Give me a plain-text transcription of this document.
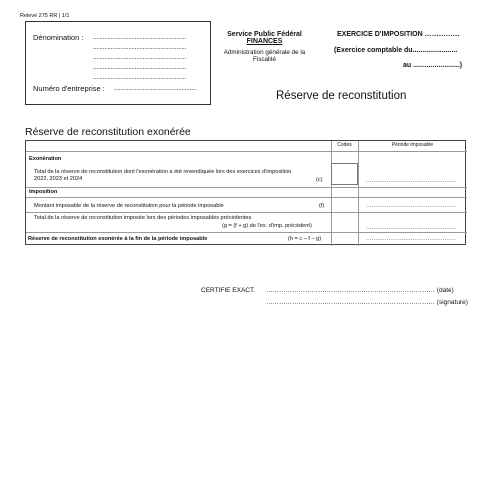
Relevé 275 RR | 1/1
Dénomination : ..........................................................
..........................................................
..........................................................
..........................................................
..........................................................
Numéro d'entreprise : ...................................................
Service Public Fédéral
FINANCES
Administration générale de la Fiscalité
EXERCICE D'IMPOSITION ……………
(Exercice comptable du.......................
au ........................)
Réserve de reconstitution
Réserve de reconstitution exonérée
Codes	Période imposable
Exonération
Total de la réserve de reconstitution dont l'exonération a été revendiquée lors des exercices d'imposition 2022, 2023 et 2024	(c)	…………………………………………
Imposition
Montant imposable de la réserve de reconstitution pour la période imposable	(f)	…………………………………………
Total de la réserve de reconstitution imposée lors des périodes imposables précédentes
(g = (f + g) de l'ex. d'imp. précédent)	…………………………………………
Réserve de reconstitution exonérée à la fin de la période imposable	(h = c – f – g)	…………………………………………
CERTIFIE EXACT. …………………………………………………………………… (date)
…………………………………………………………………… (signature)
